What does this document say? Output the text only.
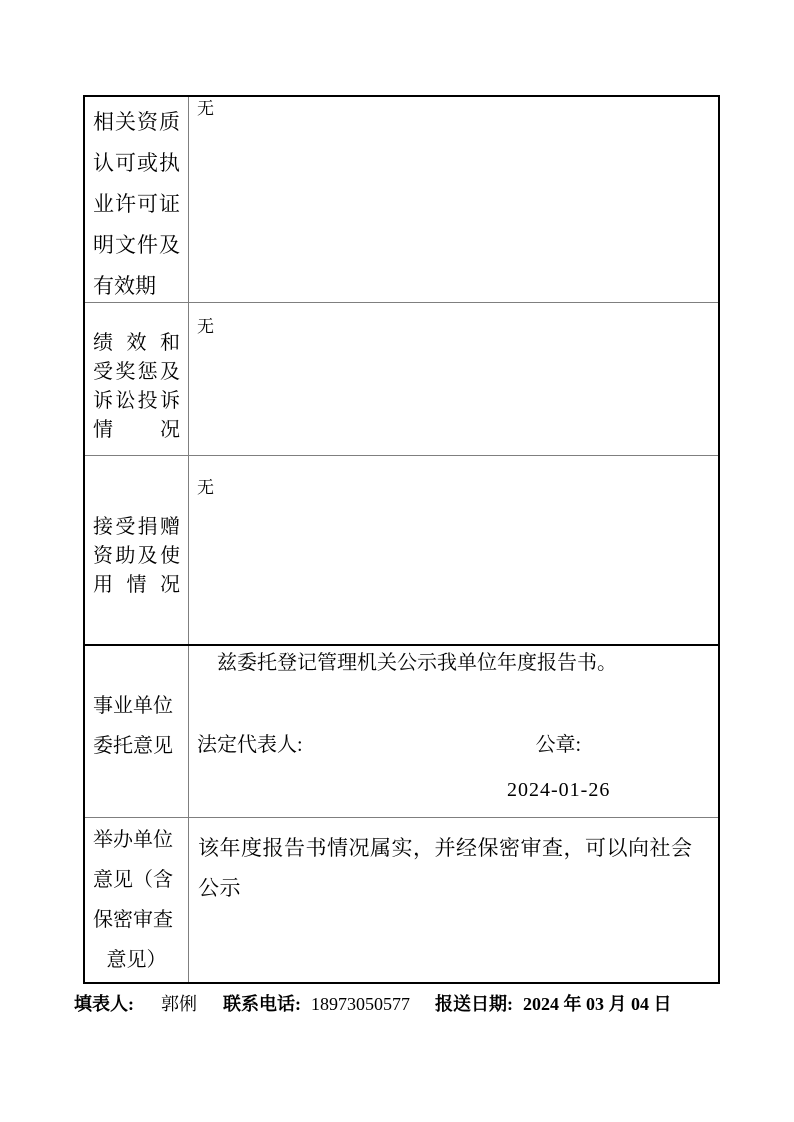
相关资质
认可或执
业许可证
明文件及
有效期
无
绩效和
受奖惩及
诉讼投诉
情况
无
接受捐赠
资助及使
用情况
无
事业单位
委托意见
兹委托登记管理机关公示我单位年度报告书。
法定代表人:	公章:
2024-01-26
举办单位
意见（含
保密审查
意见）
该年度报告书情况属实，并经保密审查，可以向社会公示
填表人: 郭俐 联系电话: 18973050577 报送日期: 2024 年 03 月 04 日
